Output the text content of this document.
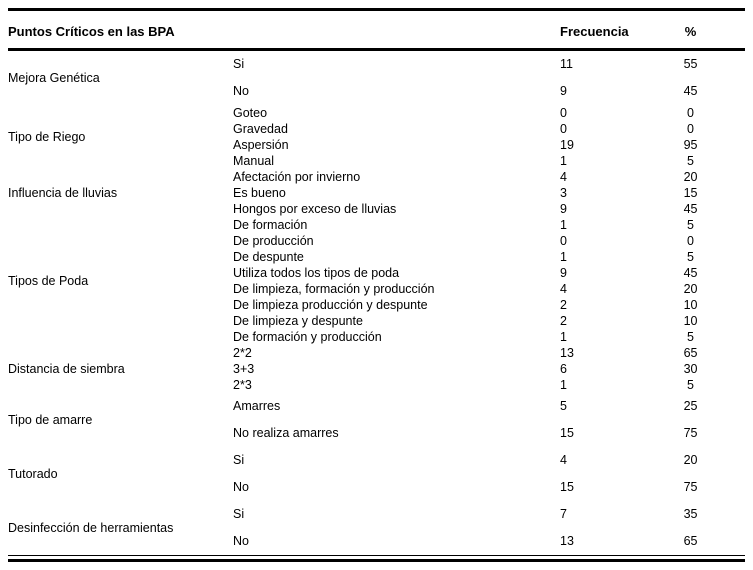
Puntos Críticos en las BPA		Frecuencia	%
Mejora Genética	Si	11	55
	No	9	45
Tipo de Riego	Goteo	0	0
	Gravedad	0	0
	Aspersión	19	95
	Manual	1	5
Influencia de lluvias	Afectación por invierno	4	20
	Es bueno	3	15
	Hongos por exceso de lluvias	9	45
Tipos de Poda	De formación	1	5
	De producción	0	0
	De despunte	1	5
	Utiliza todos los tipos de poda	9	45
	De limpieza, formación y producción	4	20
	De limpieza producción y despunte	2	10
	De limpieza y despunte	2	10
	De formación y producción	1	5
Distancia de siembra	2*2	13	65
	3+3	6	30
	2*3	1	5
Tipo de amarre	Amarres	5	25
	No realiza amarres	15	75
Tutorado	Si	4	20
	No	15	75
Desinfección de herramientas	Si	7	35
	No	13	65
